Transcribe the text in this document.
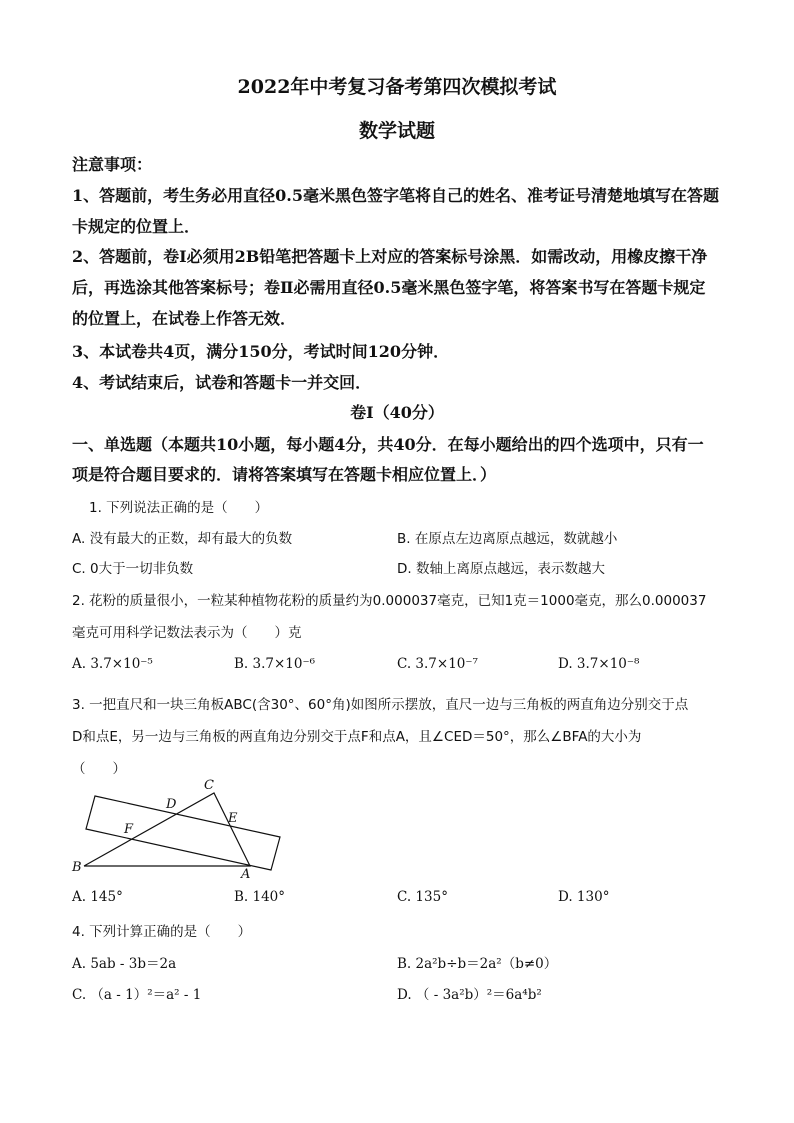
2022年中考复习备考第四次模拟考试
数学试题
注意事项：
1、答题前，考生务必用直径0.5毫米黑色签字笔将自己的姓名、准考证号清楚地填写在答题
卡规定的位置上．
2、答题前，卷Ⅰ必须用2B铅笔把答题卡上对应的答案标号涂黑．如需改动，用橡皮擦干净
后，再选涂其他答案标号；卷Ⅱ必需用直径0.5毫米黑色签字笔，将答案书写在答题卡规定
的位置上，在试卷上作答无效．
3、本试卷共4页，满分150分，考试时间120分钟．
4、考试结束后，试卷和答题卡一并交回．
卷Ⅰ（40分）
一、单选题（本题共10小题，每小题4分，共40分．在每小题给出的四个选项中，只有一
项是符合题目要求的．请将答案填写在答题卡相应位置上．）
1. 下列说法正确的是（　　）
A. 没有最大的正数，却有最大的负数	B. 在原点左边离原点越远，数就越小
C. 0大于一切非负数	D. 数轴上离原点越远，表示数越大
2. 花粉的质量很小，一粒某种植物花粉的质量约为0.000037毫克，已知1克＝1000毫克，那么0.000037
毫克可用科学记数法表示为（　　）克
A. 3.7×10⁻⁵	B. 3.7×10⁻⁶	C. 3.7×10⁻⁷	D. 3.7×10⁻⁸
3. 一把直尺和一块三角板ABC(含30°、60°角)如图所示摆放，直尺一边与三角板的两直角边分别交于点
D和点E，另一边与三角板的两直角边分别交于点F和点A，且∠CED＝50°，那么∠BFA的大小为
（　　）
C
D
E
F
B	A
A. 145°	B. 140°	C. 135°	D. 130°
4. 下列计算正确的是（　　）
A. 5ab - 3b＝2a	B. 2a²b÷b＝2a²（b≠0）
C. （a - 1）²＝a² - 1	D. （ - 3a²b）²＝6a⁴b²
